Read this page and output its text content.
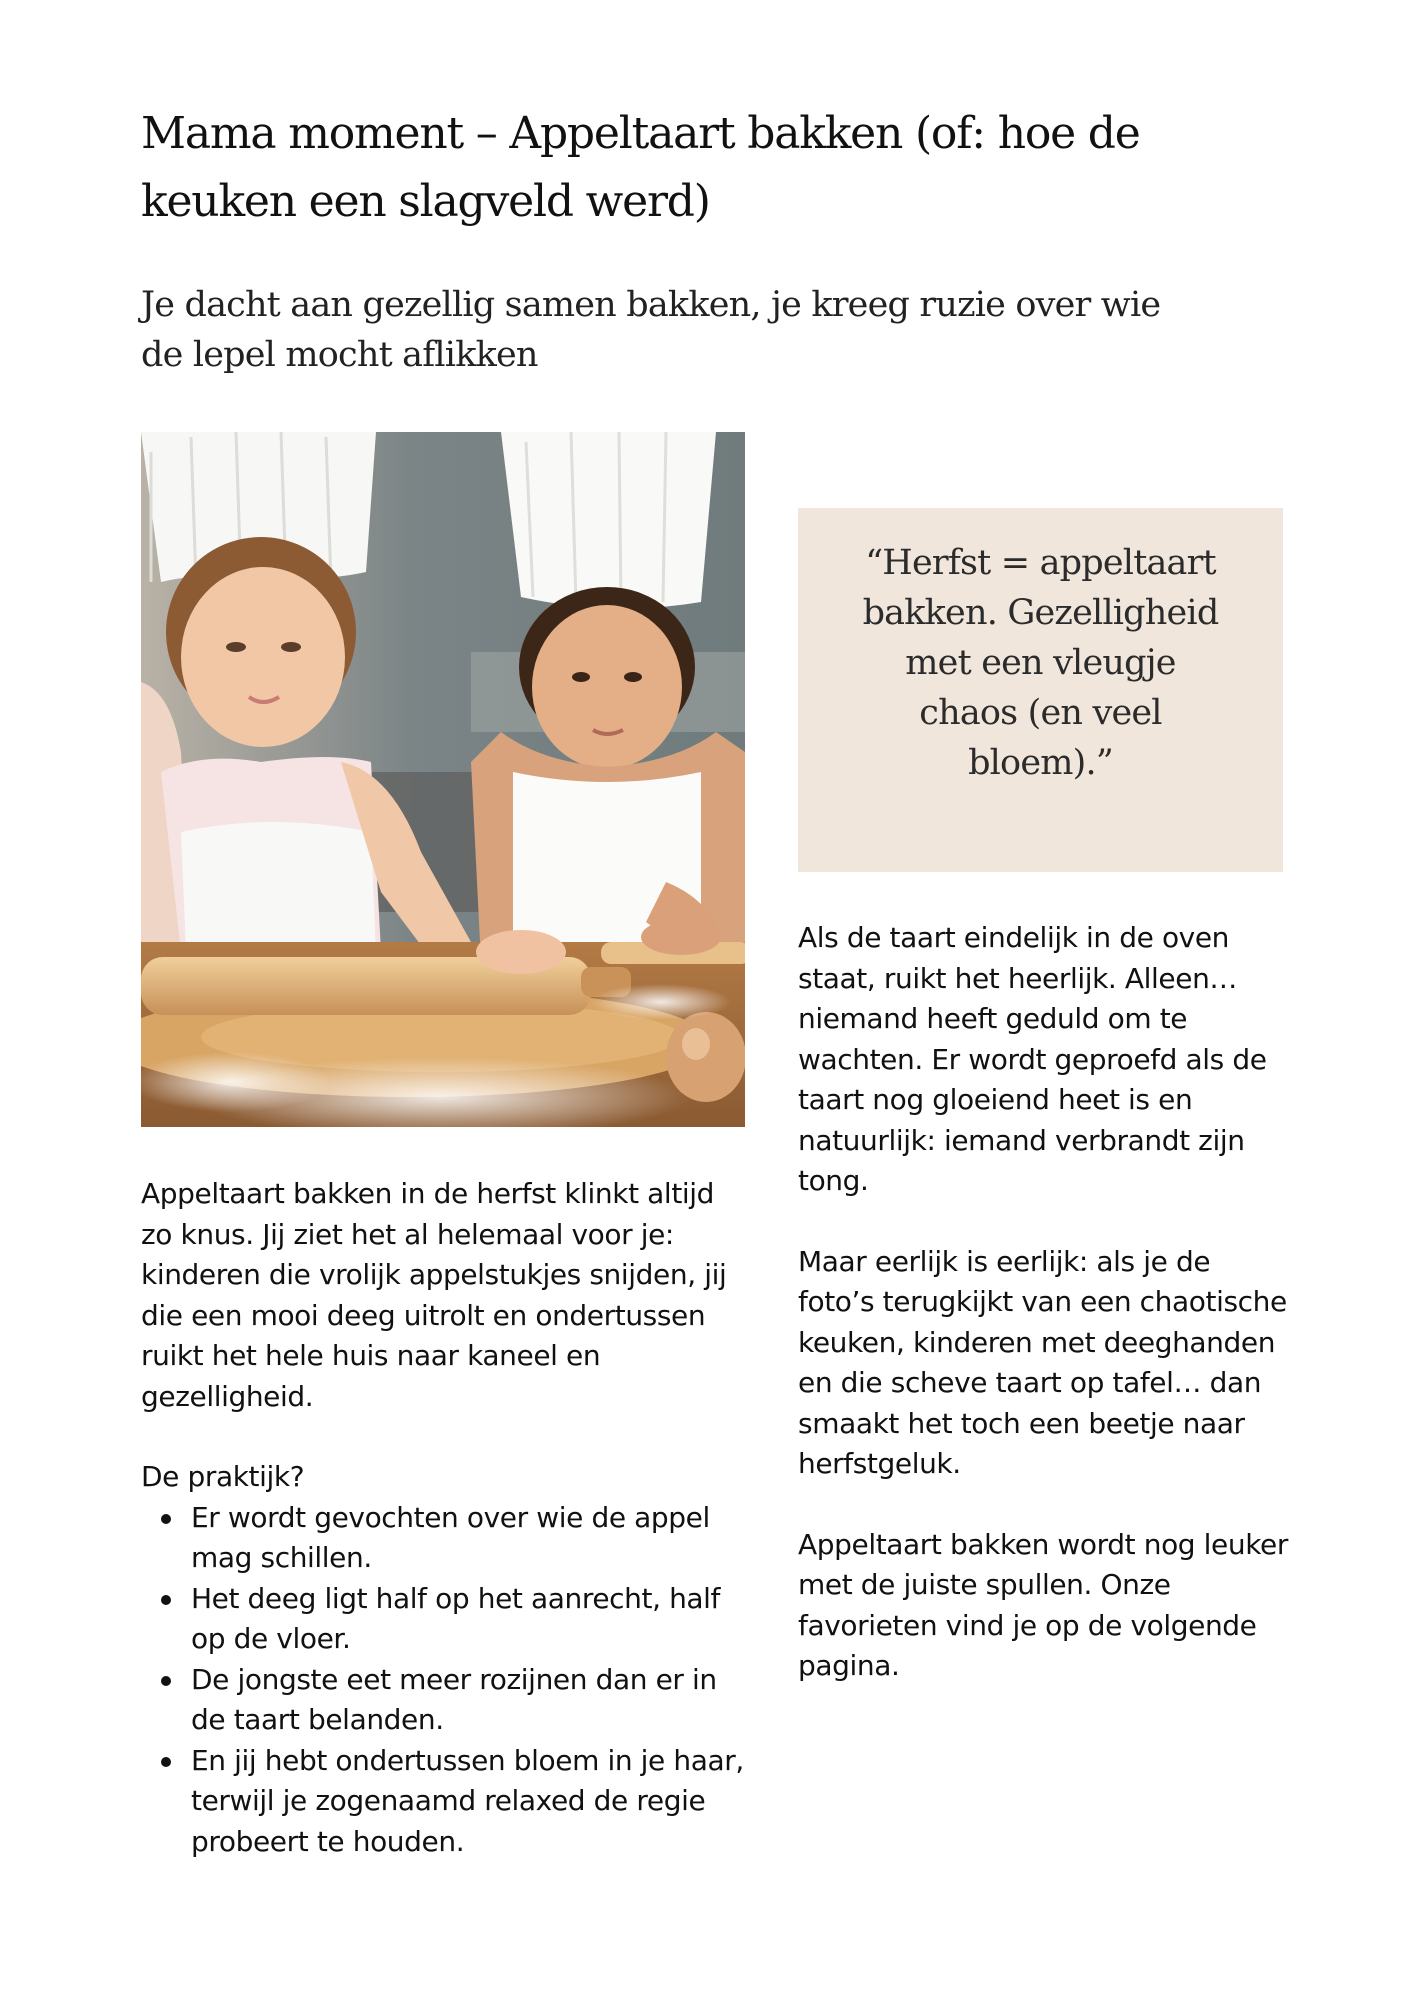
Mama moment – Appeltaart bakken (of: hoe de keuken een slagveld werd)
Je dacht aan gezellig samen bakken, je kreeg ruzie over wie de lepel mocht aflikken

“Herfst = appeltaart bakken. Gezelligheid met een vleugje chaos (en veel bloem).”

Appeltaart bakken in de herfst klinkt altijd zo knus. Jij ziet het al helemaal voor je: kinderen die vrolijk appelstukjes snijden, jij die een mooi deeg uitrolt en ondertussen ruikt het hele huis naar kaneel en gezelligheid.

De praktijk?

Er wordt gevochten over wie de appel mag schillen.
Het deeg ligt half op het aanrecht, half op de vloer.
De jongste eet meer rozijnen dan er in de taart belanden.
En jij hebt ondertussen bloem in je haar, terwijl je zogenaamd relaxed de regie probeert te houden.

Als de taart eindelijk in de oven staat, ruikt het heerlijk. Alleen… niemand heeft geduld om te wachten. Er wordt geproefd als de taart nog gloeiend heet is en natuurlijk: iemand verbrandt zijn tong.

Maar eerlijk is eerlijk: als je de foto’s terugkijkt van een chaotische keuken, kinderen met deeghanden en die scheve taart op tafel… dan smaakt het toch een beetje naar herfstgeluk.

Appeltaart bakken wordt nog leuker met de juiste spullen. Onze favorieten vind je op de volgende pagina.
